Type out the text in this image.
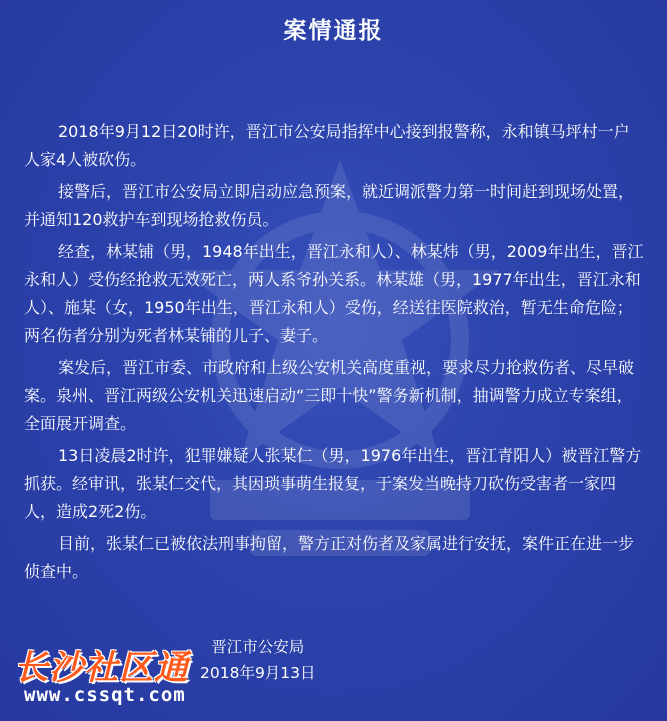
案情通报

2018年9月12日20时许，晋江市公安局指挥中心接到报警称，永和镇马坪村一户人家4人被砍伤。

接警后，晋江市公安局立即启动应急预案，就近调派警力第一时间赶到现场处置，并通知120救护车到现场抢救伤员。

经查，林某铺（男，1948年出生，晋江永和人）、林某炜（男，2009年出生，晋江永和人）受伤经抢救无效死亡，两人系爷孙关系。林某雄（男，1977年出生，晋江永和人）、施某（女，1950年出生，晋江永和人）受伤，经送往医院救治，暂无生命危险；两名伤者分别为死者林某铺的儿子、妻子。

案发后，晋江市委、市政府和上级公安机关高度重视，要求尽力抢救伤者、尽早破案。泉州、晋江两级公安机关迅速启动“三即十快”警务新机制，抽调警力成立专案组，全面展开调查。

13日凌晨2时许，犯罪嫌疑人张某仁（男，1976年出生，晋江青阳人）被晋江警方抓获。经审讯，张某仁交代，其因琐事萌生报复，于案发当晚持刀砍伤受害者一家四人，造成2死2伤。

目前，张某仁已被依法刑事拘留，警方正对伤者及家属进行安抚，案件正在进一步侦查中。

晋江市公安局
2018年9月13日
长沙社区通
www.cssqt.com
